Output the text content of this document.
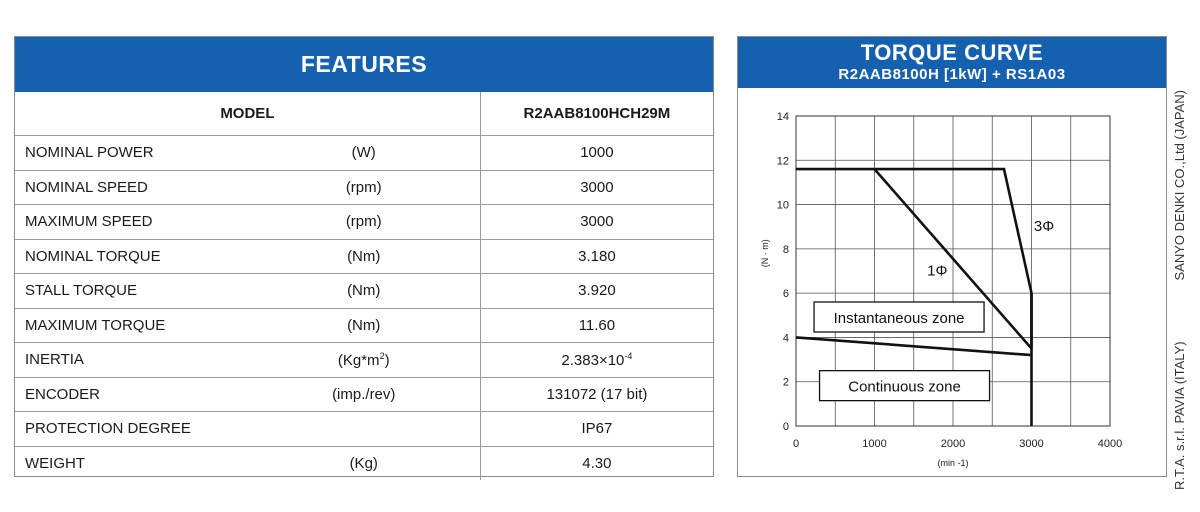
FEATURES
MODEL		R2AAB8100HCH29M
NOMINAL POWER	(W)	1000
NOMINAL SPEED	(rpm)	3000
MAXIMUM SPEED	(rpm)	3000
NOMINAL TORQUE	(Nm)	3.180
STALL TORQUE	(Nm)	3.920
MAXIMUM TORQUE	(Nm)	11.60
INERTIA	$(Kg*m^2)$	$2.383\times 10^{-4}$
ENCODER	(imp./rev)	131072 (17 bit)
PROTECTION DEGREE		IP67
WEIGHT	(Kg)	4.30
TORQUE CURVE
R2AAB8100H [1kW] + RS1A03
0	1000	2000	3000	4000
0
2
4
6
8
10
12
14
(min -1)
(N · m)
3Φ
1Φ
Instantaneous zone
Continuous zone	R.T.A. s.r.l. PAVIA (ITALY)
SANYO DENKI CO.,Ltd (JAPAN)
